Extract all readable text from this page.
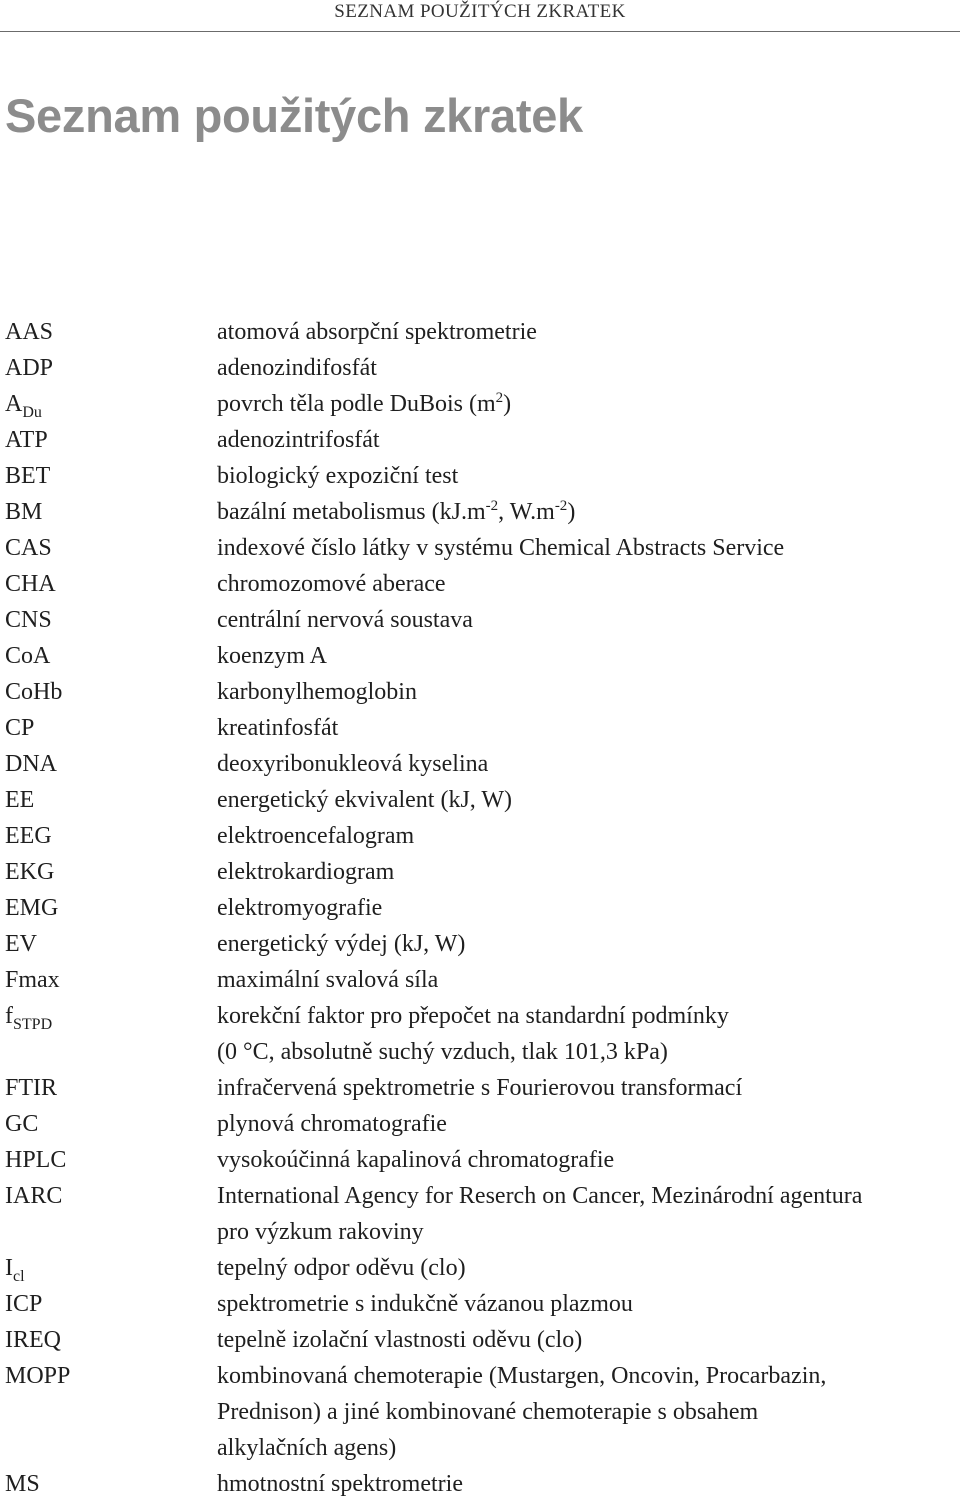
SEZNAM POUŽITÝCH ZKRATEK
Seznam použitých zkratek
AAS	atomová absorpční spektrometrie
ADP	adenozindifosfát
$A_{Du}$	povrch těla podle DuBois $(m^2)$
ATP	adenozintrifosfát
BET	biologický expoziční test
BM	bazální metabolismus ($kJ.m^{-2}$, $W.m^{-2}$)
CAS	indexové číslo látky v systému Chemical Abstracts Service
CHA	chromozomové aberace
CNS	centrální nervová soustava
CoA	koenzym A
CoHb	karbonylhemoglobin
CP	kreatinfosfát
DNA	deoxyribonukleová kyselina
EE	energetický ekvivalent (kJ, W)
EEG	elektroencefalogram
EKG	elektrokardiogram
EMG	elektromyografie
EV	energetický výdej (kJ, W)
Fmax	maximální svalová síla
$f_{STPD}$	korekční faktor pro přepočet na standardní podmínky
(0 °C, absolutně suchý vzduch, tlak 101,3 kPa)
FTIR	infračervená spektrometrie s Fourierovou transformací
GC	plynová chromatografie
HPLC	vysokoúčinná kapalinová chromatografie
IARC	International Agency for Reserch on Cancer, Mezinárodní agentura
pro výzkum rakoviny
$I_{cl}$	tepelný odpor oděvu (clo)
ICP	spektrometrie s indukčně vázanou plazmou
IREQ	tepelně izolační vlastnosti oděvu (clo)
MOPP	kombinovaná chemoterapie (Mustargen, Oncovin, Procarbazin,
Prednison) a jiné kombinované chemoterapie s obsahem
alkylačních agens)
MS	hmotnostní spektrometrie
